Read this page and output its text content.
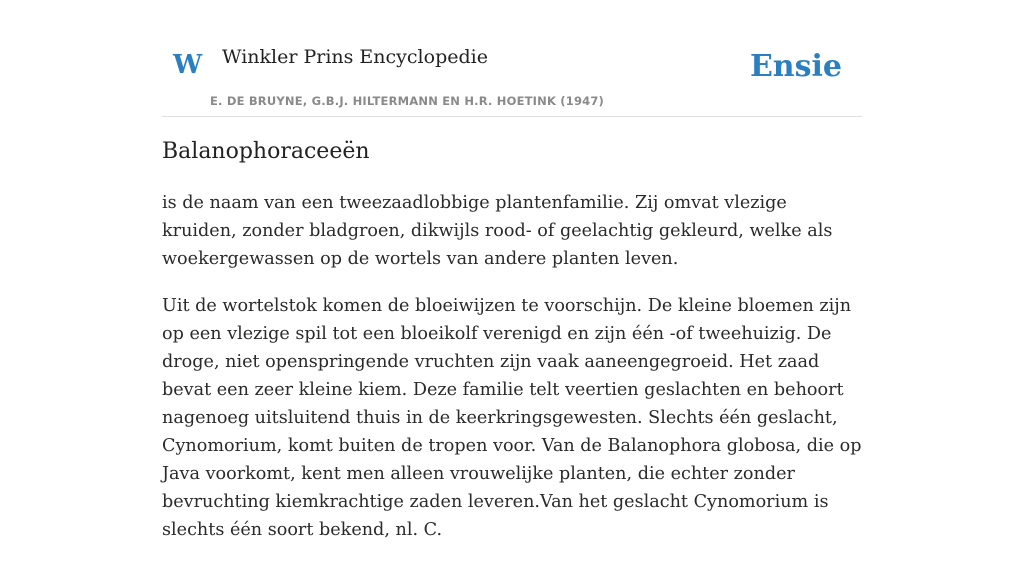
W Winkler Prins Encyclopedie
E. DE BRUYNE, G.B.J. HILTERMANN EN H.R. HOETINK (1947)
Ensie
Balanophoraceeën

is de naam van een tweezaadlobbige plantenfamilie. Zij omvat vlezige kruiden, zonder bladgroen, dikwijls rood- of geelachtig gekleurd, welke als woekergewassen op de wortels van andere planten leven.

Uit de wortelstok komen de bloeiwijzen te voorschijn. De kleine bloemen zijn op een vlezige spil tot een bloeikolf verenigd en zijn één -of tweehuizig. De droge, niet openspringende vruchten zijn vaak aaneengegroeid. Het zaad bevat een zeer kleine kiem. Deze familie telt veertien geslachten en behoort nagenoeg uitsluitend thuis in de keerkringsgewesten. Slechts één geslacht, Cynomorium, komt buiten de tropen voor. Van de Balanophora globosa, die op Java voorkomt, kent men alleen vrouwelijke planten, die echter zonder bevruchting kiemkrachtige zaden leveren.Van het geslacht Cynomorium is slechts één soort bekend, nl. C.
